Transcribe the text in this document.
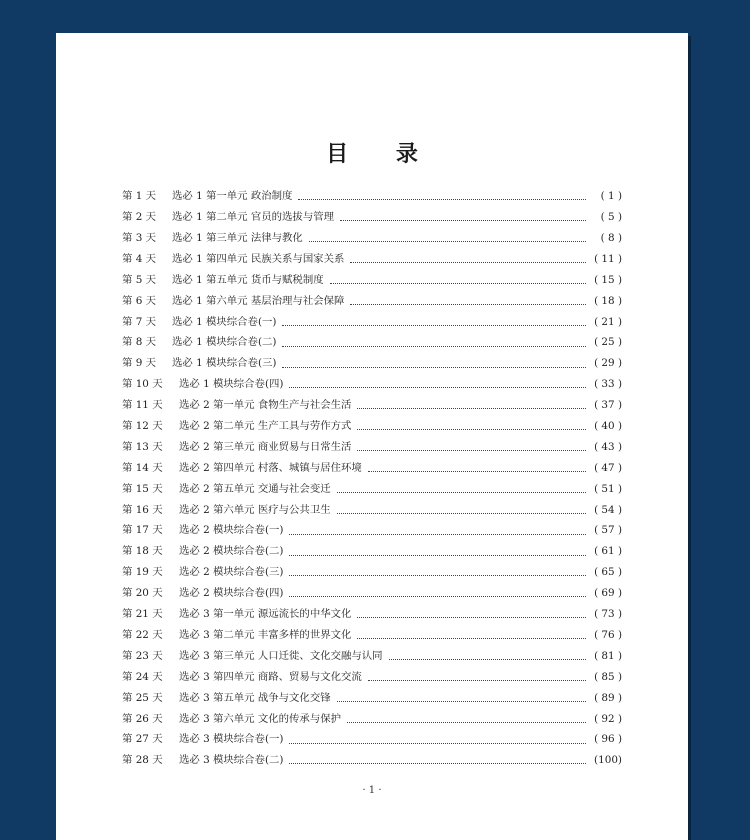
目 录
第 1 天	选必 1 第一单元 政治制度	( 1 )
第 2 天	选必 1 第二单元 官员的选拔与管理	( 5 )
第 3 天	选必 1 第三单元 法律与教化	( 8 )
第 4 天	选必 1 第四单元 民族关系与国家关系	( 11 )
第 5 天	选必 1 第五单元 货币与赋税制度	( 15 )
第 6 天	选必 1 第六单元 基层治理与社会保障	( 18 )
第 7 天	选必 1 模块综合卷(一)	( 21 )
第 8 天	选必 1 模块综合卷(二)	( 25 )
第 9 天	选必 1 模块综合卷(三)	( 29 )
第 10 天	选必 1 模块综合卷(四)	( 33 )
第 11 天	选必 2 第一单元 食物生产与社会生活	( 37 )
第 12 天	选必 2 第二单元 生产工具与劳作方式	( 40 )
第 13 天	选必 2 第三单元 商业贸易与日常生活	( 43 )
第 14 天	选必 2 第四单元 村落、城镇与居住环境	( 47 )
第 15 天	选必 2 第五单元 交通与社会变迁	( 51 )
第 16 天	选必 2 第六单元 医疗与公共卫生	( 54 )
第 17 天	选必 2 模块综合卷(一)	( 57 )
第 18 天	选必 2 模块综合卷(二)	( 61 )
第 19 天	选必 2 模块综合卷(三)	( 65 )
第 20 天	选必 2 模块综合卷(四)	( 69 )
第 21 天	选必 3 第一单元 源远流长的中华文化	( 73 )
第 22 天	选必 3 第二单元 丰富多样的世界文化	( 76 )
第 23 天	选必 3 第三单元 人口迁徙、文化交融与认同	( 81 )
第 24 天	选必 3 第四单元 商路、贸易与文化交流	( 85 )
第 25 天	选必 3 第五单元 战争与文化交锋	( 89 )
第 26 天	选必 3 第六单元 文化的传承与保护	( 92 )
第 27 天	选必 3 模块综合卷(一)	( 96 )
第 28 天	选必 3 模块综合卷(二)	(100)
· 1 ·
